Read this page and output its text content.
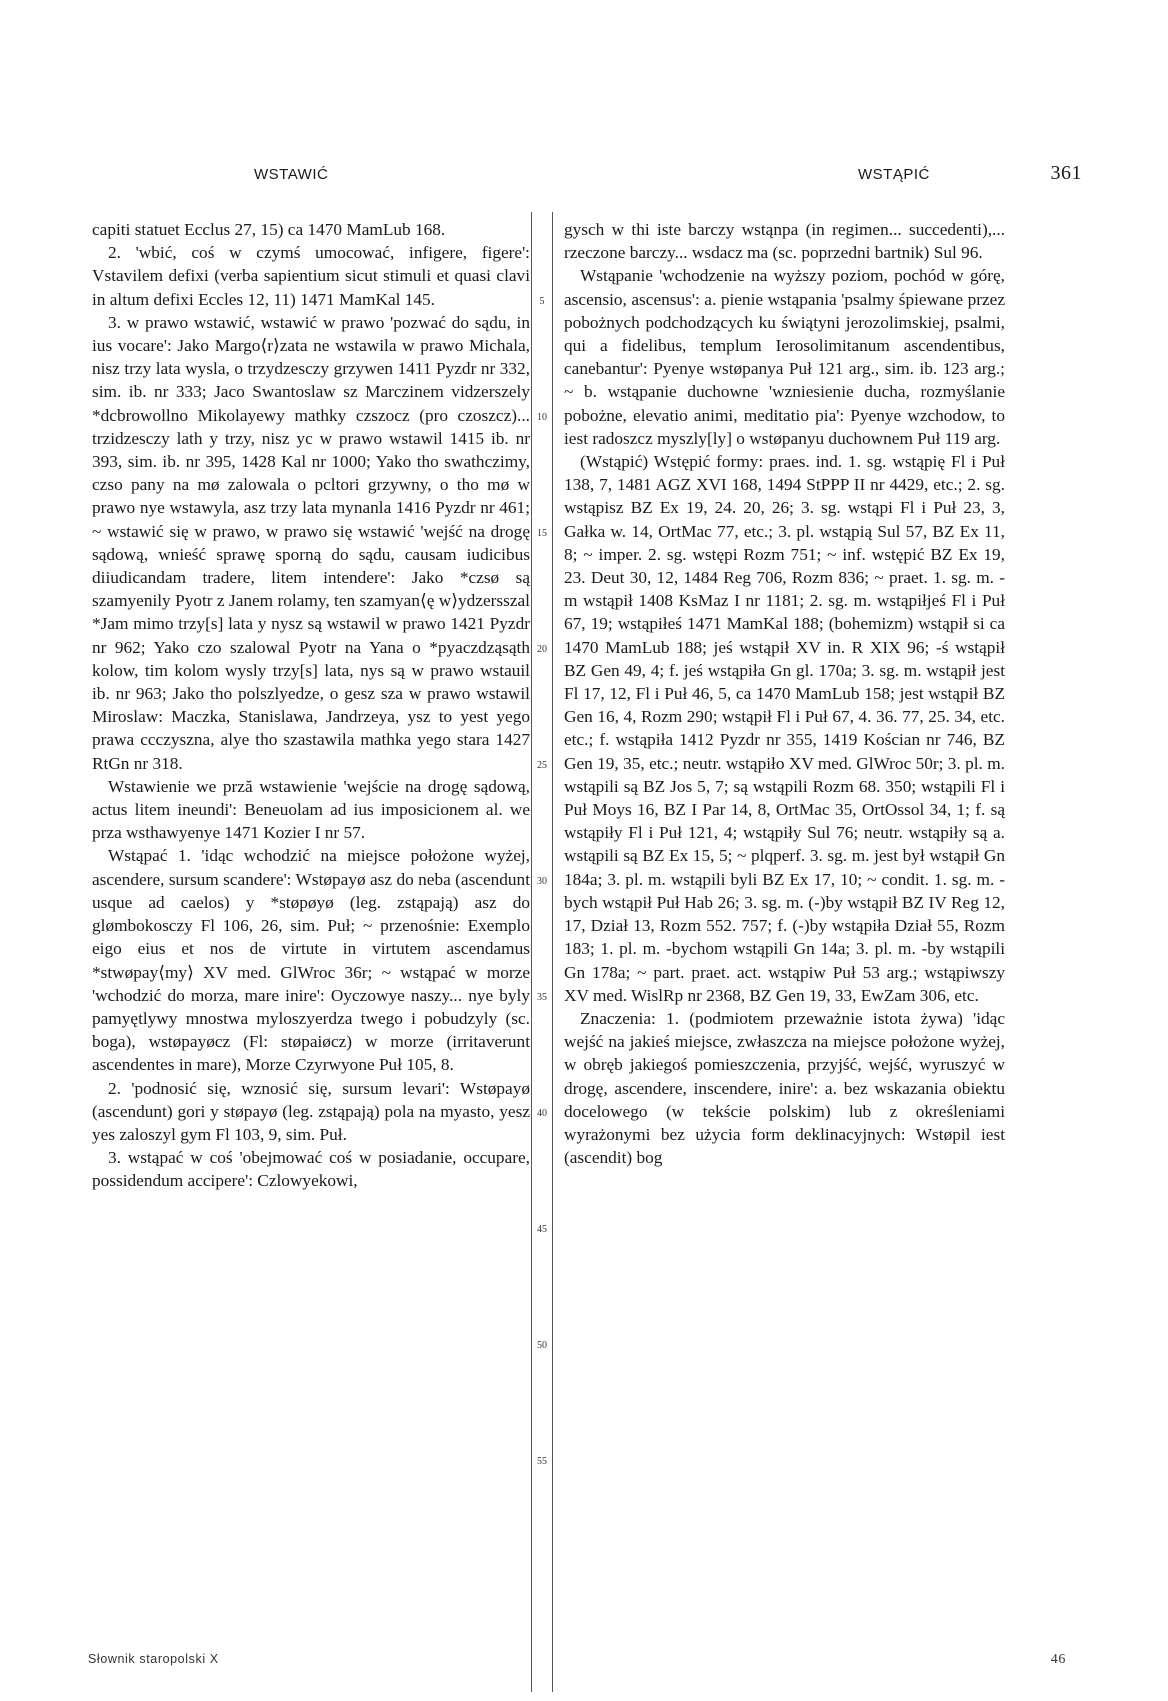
WSTAWIĆ	WSTĄPIĆ	361

capiti statuet Ecclus 27, 15) ca 1470 MamLub 168.

2. 'wbić, coś w czymś umocować, infigere, figere': Vstavilem defixi (verba sapientium sicut stimuli et quasi clavi in altum defixi Eccles 12, 11) 1471 MamKal 145.

3. w prawo wstawić, wstawić w prawo 'pozwać do sądu, in ius vocare': Jako Margo⟨r⟩zata ne wstawila w prawo Michala, nisz trzy lata wysla, o trzydzesczy grzywen 1411 Pyzdr nr 332, sim. ib. nr 333; Jaco Swantoslaw sz Marczinem vidzerszely *dcbrowollno Mikolayewy mathky czszocz (pro czoszcz)... trzidzesczy lath y trzy, nisz yc w prawo wstawil 1415 ib. nr 393, sim. ib. nr 395, 1428 Kal nr 1000; Yako tho swathczimy, czso pany na mø zalowala o pcltori grzywny, o tho mø w prawo nye wstawyla, asz trzy lata mynanla 1416 Pyzdr nr 461; ~ wstawić się w prawo, w prawo się wstawić 'wejść na drogę sądową, wnieść sprawę sporną do sądu, causam iudicibus diiudicandam tradere, litem intendere': Jako *czsø są szamyenily Pyotr z Janem rolamy, ten szamyan⟨ę w⟩ydzersszal *Jam mimo trzy[s] lata y nysz są wstawil w prawo 1421 Pyzdr nr 962; Yako czo szalowal Pyotr na Yana o *pyaczdząsąth kolow, tim kolom wysly trzy[s] lata, nys są w prawo wstauil ib. nr 963; Jako tho polszlyedze, o gesz sza w prawo wstawil Miroslaw: Maczka, Stanislawa, Jandrzeya, ysz to yest yego prawa ccczyszna, alye tho szastawila mathka yego stara 1427 RtGn nr 318.

Wstawienie we prză wstawienie 'wejście na drogę sądową, actus litem ineundi': Beneuolam ad ius imposicionem al. we prza wsthawyenye 1471 Kozier I nr 57.

Wstąpać 1. 'idąc wchodzić na miejsce położone wyżej, ascendere, sursum scandere': Wstøpayø asz do neba (ascendunt usque ad caelos) y *støpøyø (leg. zstąpają) asz do glømbokosczy Fl 106, 26, sim. Puł; ~ przenośnie: Exemplo eigo eius et nos de virtute in virtutem ascendamus *stwøpay⟨my⟩ XV med. GlWroc 36r; ~ wstąpać w morze 'wchodzić do morza, mare inire': Oyczowye naszy... nye byly pamyętlywy mnostwa myloszyerdza twego i pobudzyly (sc. boga), wstøpayøcz (Fl: støpaiøcz) w morze (irritaverunt ascendentes in mare), Morze Czyrwyone Puł 105, 8.

2. 'podnosić się, wznosić się, sursum levari': Wstøpayø (ascendunt) gori y støpayø (leg. zstąpają) pola na myasto, yesz yes zaloszyl gym Fl 103, 9, sim. Puł.

3. wstąpać w coś 'obejmować coś w posiadanie, occupare, possidendum accipere': Czlowyekowi,

5
10
15
20
25
30
35
40
45
50
55

gysch w thi iste barczy wstąnpa (in regimen... succedenti),... rzeczone barczy... wsdacz ma (sc. poprzedni bartnik) Sul 96.

Wstąpanie 'wchodzenie na wyższy poziom, pochód w górę, ascensio, ascensus': a. pienie wstąpania 'psalmy śpiewane przez pobożnych podchodzących ku świątyni jerozolimskiej, psalmi, qui a fidelibus, templum Ierosolimitanum ascendentibus, canebantur': Pyenye wstøpanya Puł 121 arg., sim. ib. 123 arg.; ~ b. wstąpanie duchowne 'wzniesienie ducha, rozmyślanie pobożne, elevatio animi, meditatio pia': Pyenye wzchodow, to iest radoszcz myszly[ly] o wstøpanyu duchownem Puł 119 arg.

(Wstąpić) Wstępić formy: praes. ind. 1. sg. wstąpię Fl i Puł 138, 7, 1481 AGZ XVI 168, 1494 StPPP II nr 4429, etc.; 2. sg. wstąpisz BZ Ex 19, 24. 20, 26; 3. sg. wstąpi Fl i Puł 23, 3, Gałka w. 14, OrtMac 77, etc.; 3. pl. wstąpią Sul 57, BZ Ex 11, 8; ~ imper. 2. sg. wstępi Rozm 751; ~ inf. wstępić BZ Ex 19, 23. Deut 30, 12, 1484 Reg 706, Rozm 836; ~ praet. 1. sg. m. -m wstąpił 1408 KsMaz I nr 1181; 2. sg. m. wstąpiłjeś Fl i Puł 67, 19; wstąpiłeś 1471 MamKal 188; (bohemizm) wstąpił si ca 1470 MamLub 188; jeś wstąpił XV in. R XIX 96; -ś wstąpił BZ Gen 49, 4; f. jeś wstąpiła Gn gl. 170a; 3. sg. m. wstąpił jest Fl 17, 12, Fl i Puł 46, 5, ca 1470 MamLub 158; jest wstąpił BZ Gen 16, 4, Rozm 290; wstąpił Fl i Puł 67, 4. 36. 77, 25. 34, etc. etc.; f. wstąpiła 1412 Pyzdr nr 355, 1419 Kościan nr 746, BZ Gen 19, 35, etc.; neutr. wstąpiło XV med. GlWroc 50r; 3. pl. m. wstąpili są BZ Jos 5, 7; są wstąpili Rozm 68. 350; wstąpili Fl i Puł Moys 16, BZ I Par 14, 8, OrtMac 35, OrtOssol 34, 1; f. są wstąpiły Fl i Puł 121, 4; wstąpiły Sul 76; neutr. wstąpiły są a. wstąpili są BZ Ex 15, 5; ~ plqperf. 3. sg. m. jest był wstąpił Gn 184a; 3. pl. m. wstąpili byli BZ Ex 17, 10; ~ condit. 1. sg. m. -bych wstąpił Puł Hab 26; 3. sg. m. (-)by wstąpił BZ IV Reg 12, 17, Dział 13, Rozm 552. 757; f. (-)by wstąpiła Dział 55, Rozm 183; 1. pl. m. -bychom wstąpili Gn 14a; 3. pl. m. -by wstąpili Gn 178a; ~ part. praet. act. wstąpiw Puł 53 arg.; wstąpiwszy XV med. WislRp nr 2368, BZ Gen 19, 33, EwZam 306, etc.

Znaczenia: 1. (podmiotem przeważnie istota żywa) 'idąc wejść na jakieś miejsce, zwłaszcza na miejsce położone wyżej, w obręb jakiegoś pomieszczenia, przyjść, wejść, wyruszyć w drogę, ascendere, inscendere, inire': a. bez wskazania obiektu docelowego (w tekście polskim) lub z określeniami wyrażonymi bez użycia form deklinacyjnych: Wstøpil iest (ascendit) bog

Słownik staropolski X	46
